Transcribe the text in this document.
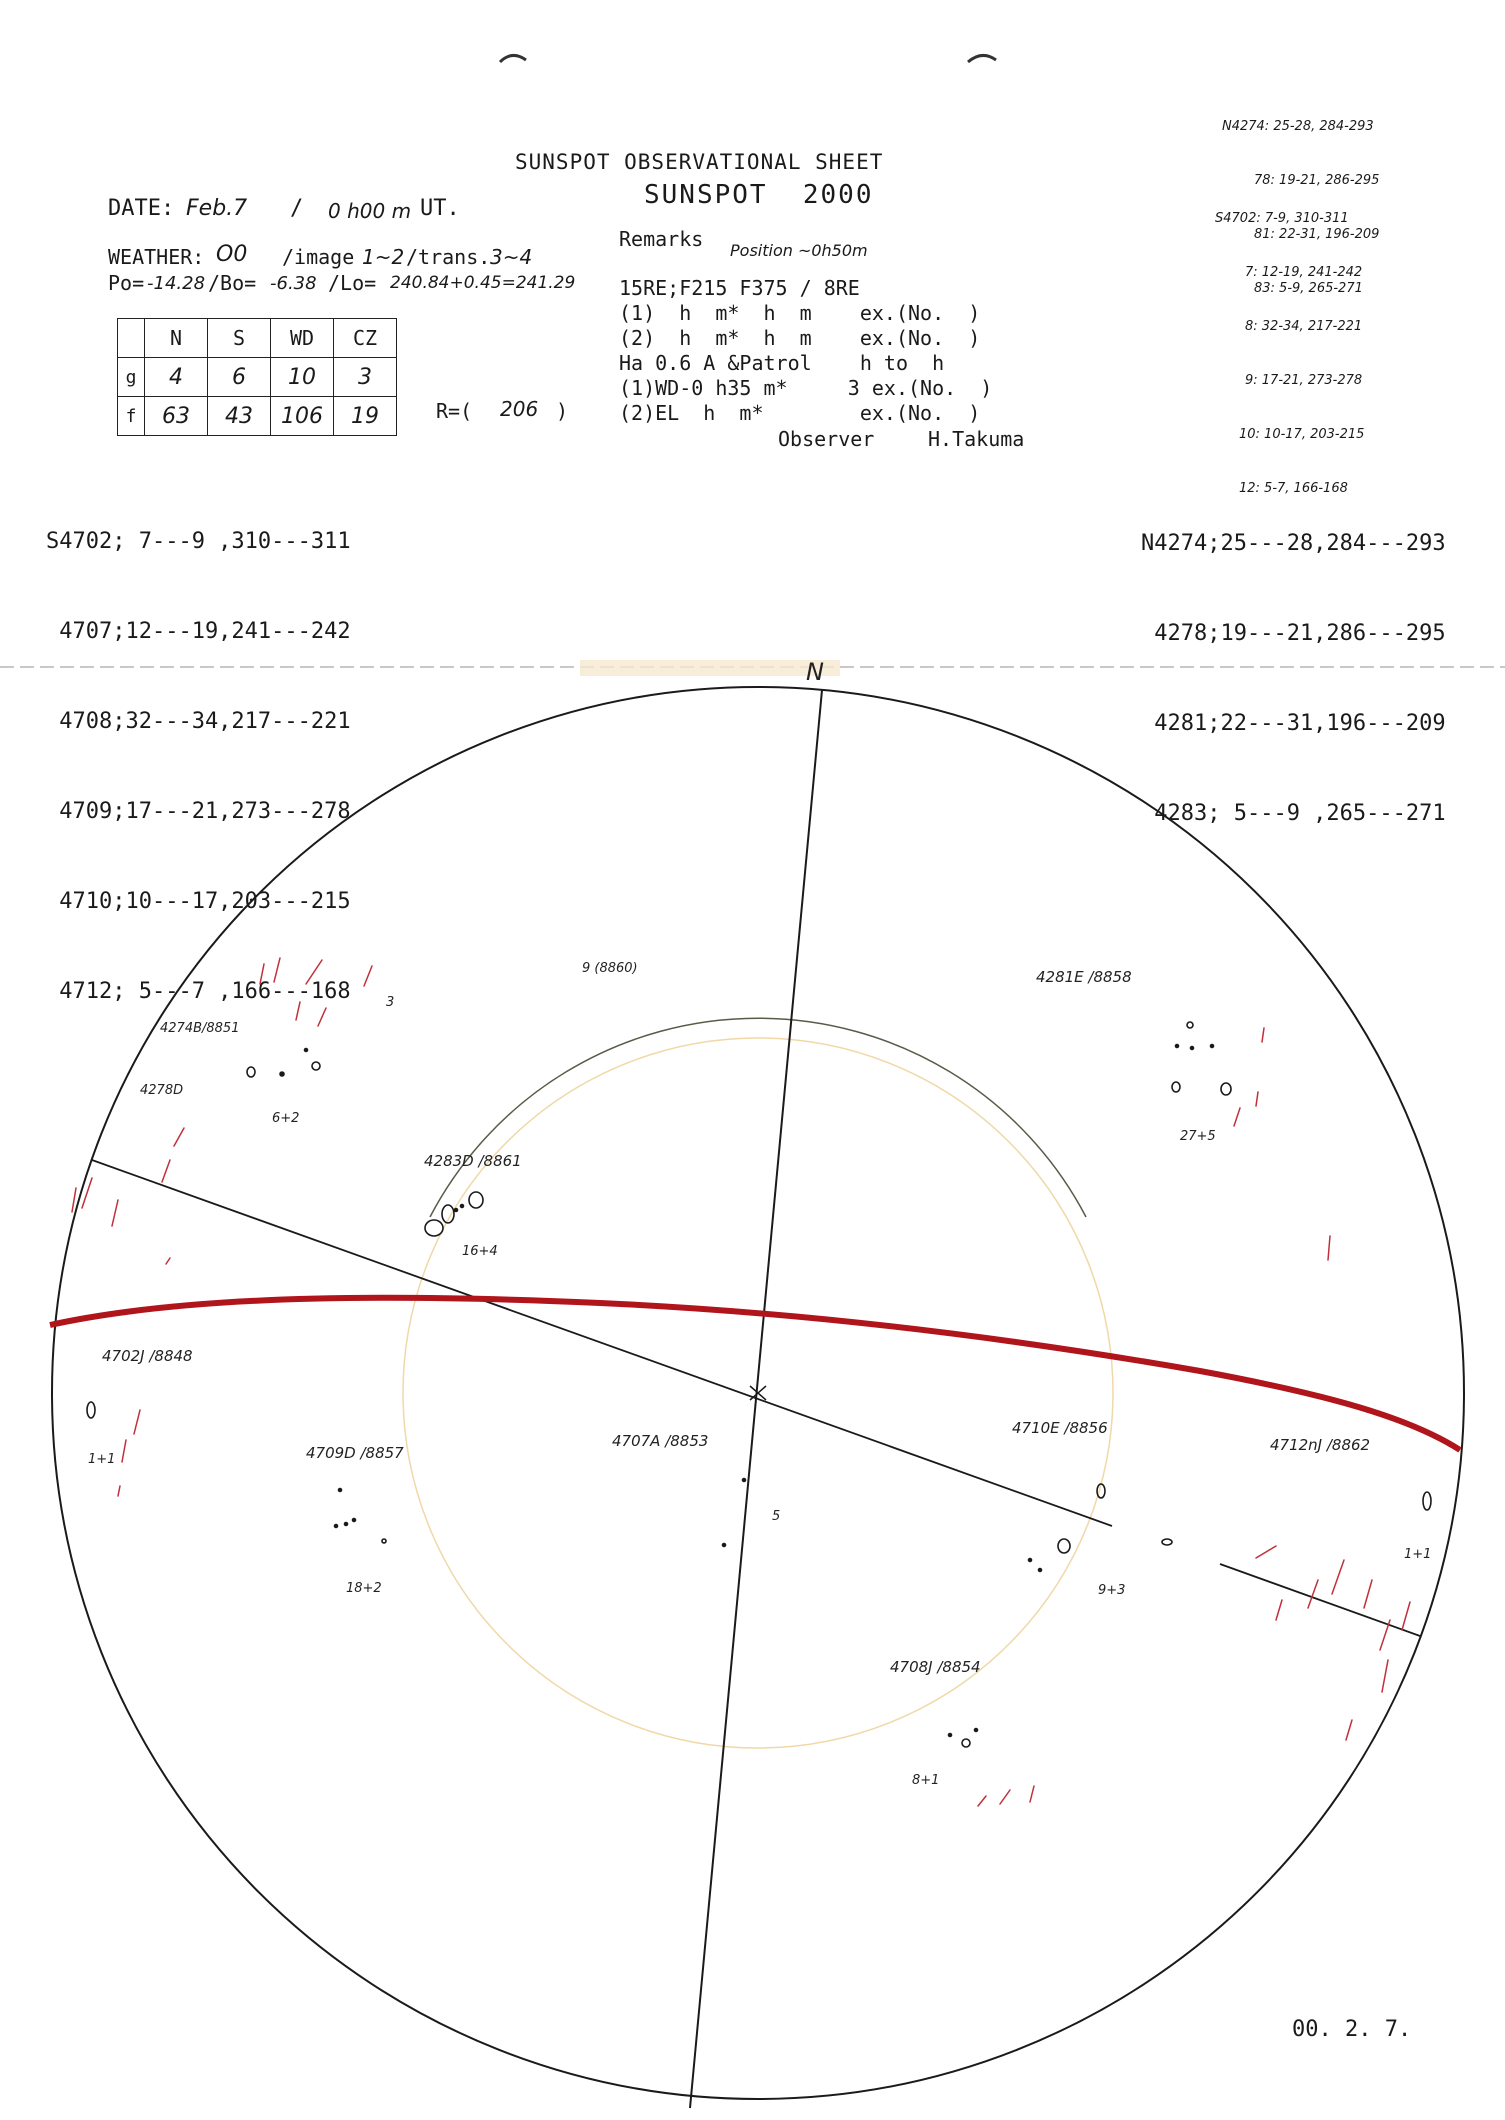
SUNSPOT OBSERVATIONAL SHEET
SUNSPOT  2000
DATE: Feb.7 / 0 h00 m UT.
WEATHER: O0 /image 1~2 /trans. 3~4
Po= -14.28 /Bo= -6.38 /Lo= 240.84+0.45=241.29
	N	S	WD	CZ
g	4	6	10	3
f	63	43	106	19	R=( 206 )
Remarks Position ~0h50m
15RE;F215 F375 / 8RE
(1)  h  m*  h  m    ex.(No.  )
(2)  h  m*  h  m    ex.(No.  )
Ha 0.6 A &Patrol    h to  h
(1)WD-0 h35 m*     3 ex.(No.  )
(2)EL  h  m*        ex.(No.  )
Observer	H.Takuma

S4702; 7---9 ,310---311

4707;12---19,241---242

4708;32---34,217---221

4709;17---21,273---278

4710;10---17,203---215

4712; 5---7 ,166---168

N4274;25---28,284---293

4278;19---21,286---295

4281;22---31,196---209

4283; 5---9 ,265---271

N4274: 25-28, 284-293

78: 19-21, 286-295

81: 22-31, 196-209

83: 5-9, 265-271

S4702: 7-9, 310-311

7: 12-19, 241-242

8: 32-34, 217-221

9: 17-21, 273-278

10: 10-17, 203-215

12: 5-7, 166-168

N
4274B/8851
3
4278D
6+2
9 (8860)
4283D /8861
16+4
4281E /8858
27+5
4702J /8848
1+1	4709D /8857
18+2
4707A /8853
5
4710E /8856
9+3
4712nJ /8862
1+1
4708J /8854
8+1
00. 2. 7.
